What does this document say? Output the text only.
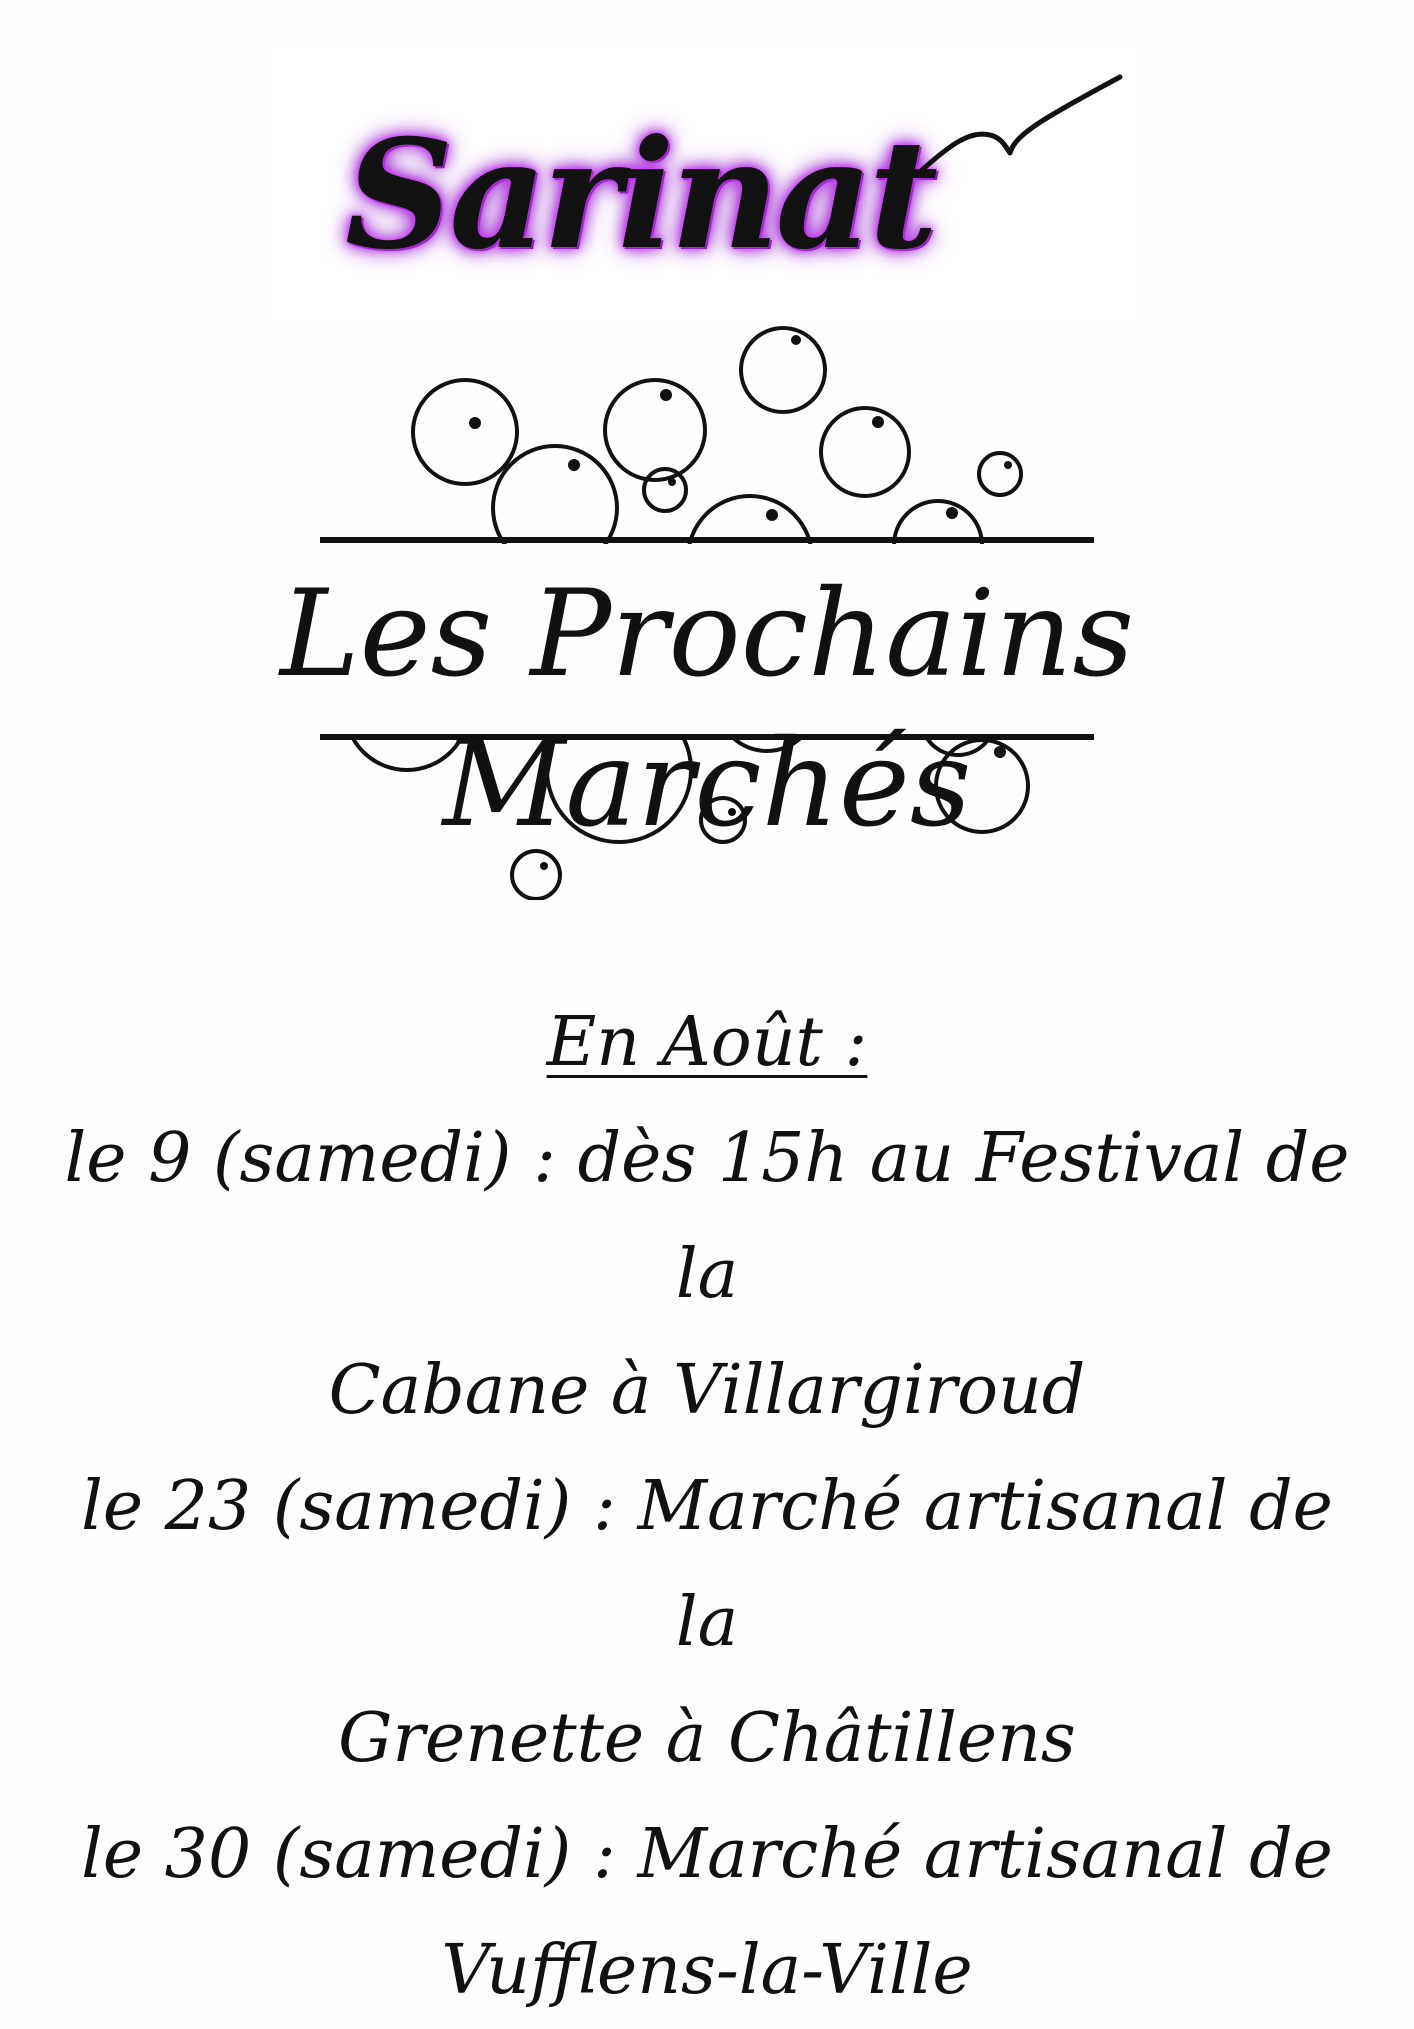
Sarinat
Les Prochains Marchés
En Août :
le 9 (samedi) : dès 15h au Festival de la
Cabane à Villargiroud
le 23 (samedi) : Marché artisanal de la
Grenette à Châtillens
le 30 (samedi) : Marché artisanal de
Vufflens-la-Ville
